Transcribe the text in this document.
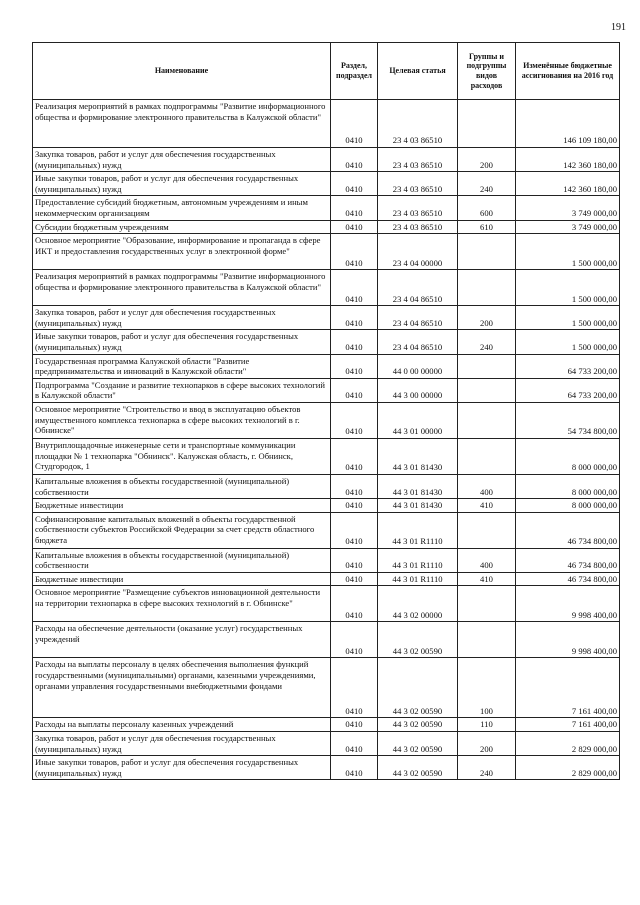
191
Наименование	Раздел, подраздел	Целевая статья	Группы и подгруппы видов расходов	Изменённые бюджетные ассигнования на 2016 год
Реализация мероприятий в рамках подпрограммы "Развитие информационного общества и формирование электронного правительства в Калужской области"	0410	23 4 03 86510		146 109 180,00
Закупка товаров, работ и услуг для обеспечения государственных (муниципальных) нужд	0410	23 4 03 86510	200	142 360 180,00
Иные закупки товаров, работ и услуг для обеспечения государственных (муниципальных) нужд	0410	23 4 03 86510	240	142 360 180,00
Предоставление субсидий бюджетным, автономным учреждениям и иным некоммерческим организациям	0410	23 4 03 86510	600	3 749 000,00
Субсидии бюджетным учреждениям	0410	23 4 03 86510	610	3 749 000,00
Основное мероприятие "Образование, информирование и пропаганда в сфере ИКТ и предоставления государственных услуг в электронной форме"	0410	23 4 04 00000		1 500 000,00
Реализация мероприятий в рамках подпрограммы "Развитие информационного общества и формирование электронного правительства в Калужской области"	0410	23 4 04 86510		1 500 000,00
Закупка товаров, работ и услуг для обеспечения государственных (муниципальных) нужд	0410	23 4 04 86510	200	1 500 000,00
Иные закупки товаров, работ и услуг для обеспечения государственных (муниципальных) нужд	0410	23 4 04 86510	240	1 500 000,00
Государственная программа Калужской области "Развитие предпринимательства и инноваций в Калужской области"	0410	44 0 00 00000		64 733 200,00
Подпрограмма "Создание и развитие технопарков в сфере высоких технологий в Калужской области"	0410	44 3 00 00000		64 733 200,00
Основное мероприятие "Строительство и ввод в эксплуатацию объектов имущественного комплекса технопарка в сфере высоких технологий в г. Обнинске"	0410	44 3 01 00000		54 734 800,00
Внутриплощадочные инженерные сети и транспортные коммуникации площадки № 1 технопарка "Обнинск". Калужская область, г. Обнинск, Студгородок, 1	0410	44 3 01 81430		8 000 000,00
Капитальные вложения в объекты государственной (муниципальной) собственности	0410	44 3 01 81430	400	8 000 000,00
Бюджетные инвестиции	0410	44 3 01 81430	410	8 000 000,00
Софинансирование капитальных вложений в объекты государственной собственности субъектов Российской Федерации за счет средств областного бюджета	0410	44 3 01 R1110		46 734 800,00
Капитальные вложения в объекты государственной (муниципальной) собственности	0410	44 3 01 R1110	400	46 734 800,00
Бюджетные инвестиции	0410	44 3 01 R1110	410	46 734 800,00
Основное мероприятие "Размещение субъектов инновационной деятельности на территории технопарка в сфере высоких технологий в г. Обнинске"	0410	44 3 02 00000		9 998 400,00
Расходы на обеспечение деятельности (оказание услуг) государственных учреждений	0410	44 3 02 00590		9 998 400,00
Расходы на выплаты персоналу в целях обеспечения выполнения функций государственными (муниципальными) органами, казенными учреждениями, органами управления государственными внебюджетными фондами	0410	44 3 02 00590	100	7 161 400,00
Расходы на выплаты персоналу казенных учреждений	0410	44 3 02 00590	110	7 161 400,00
Закупка товаров, работ и услуг для обеспечения государственных (муниципальных) нужд	0410	44 3 02 00590	200	2 829 000,00
Иные закупки товаров, работ и услуг для обеспечения государственных (муниципальных) нужд	0410	44 3 02 00590	240	2 829 000,00
